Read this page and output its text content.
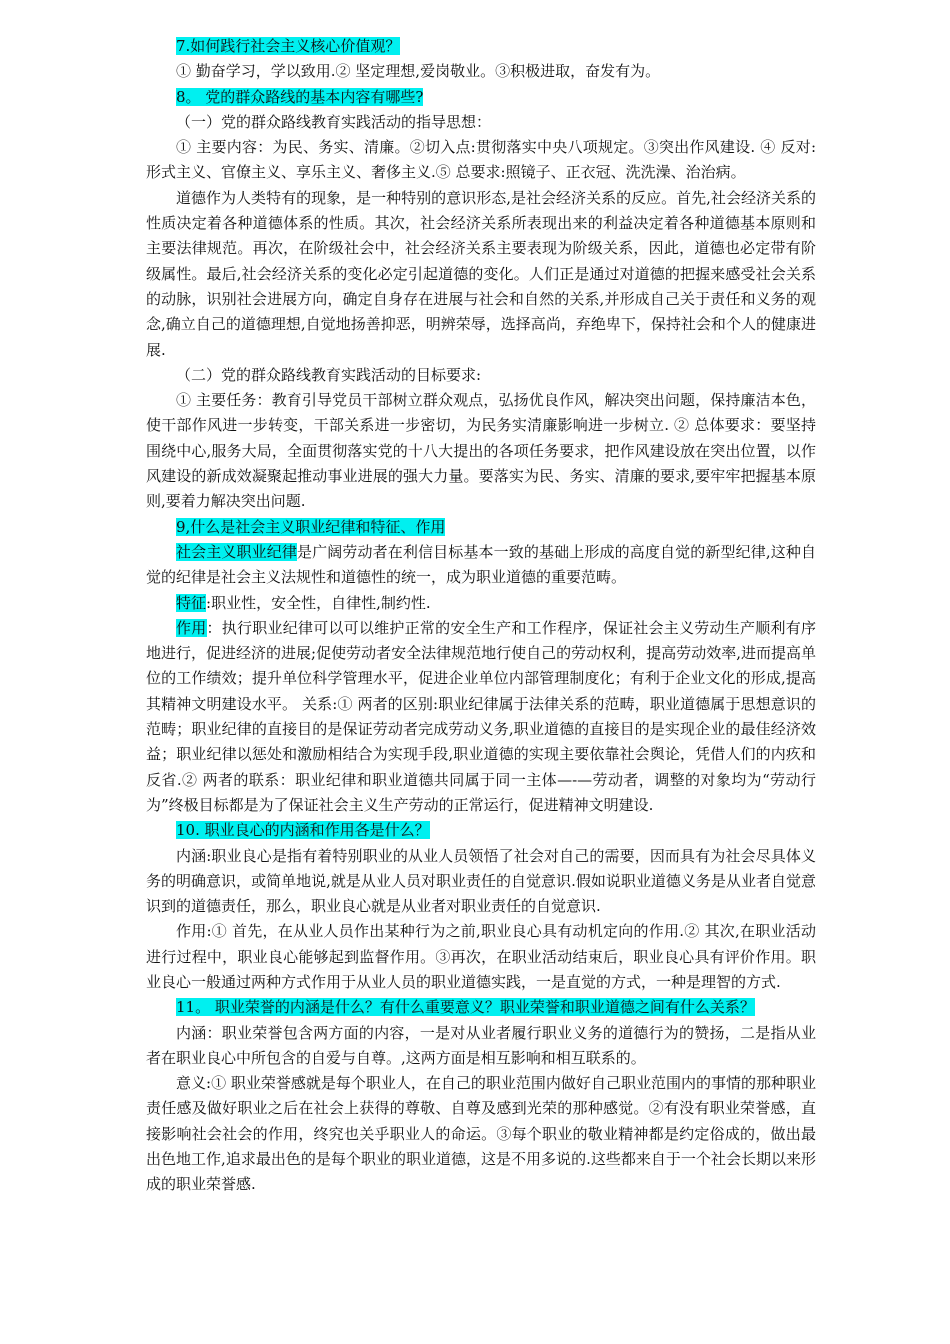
7.如何践行社会主义核心价值观？

① 勤奋学习，学以致用.② 坚定理想,爱岗敬业。③积极进取，奋发有为。

8。 党的群众路线的基本内容有哪些?

（一）党的群众路线教育实践活动的指导思想：

① 主要内容：为民、务实、清廉。②切入点:贯彻落实中央八项规定。③突出作风建设. ④ 反对:形式主义、官僚主义、享乐主义、奢侈主义.⑤ 总要求:照镜子、正衣冠、洗洗澡、治治病。

道德作为人类特有的现象，是一种特别的意识形态,是社会经济关系的反应。首先,社会经济关系的性质决定着各种道德体系的性质。其次，社会经济关系所表现出来的利益决定着各种道德基本原则和主要法律规范。再次，在阶级社会中，社会经济关系主要表现为阶级关系，因此，道德也必定带有阶级属性。最后,社会经济关系的变化必定引起道德的变化。人们正是通过对道德的把握来感受社会关系的动脉，识别社会进展方向，确定自身存在进展与社会和自然的关系,并形成自己关于责任和义务的观念,确立自己的道德理想,自觉地扬善抑恶，明辨荣辱，选择高尚，弃绝卑下，保持社会和个人的健康进展.

（二）党的群众路线教育实践活动的目标要求:

① 主要任务：教育引导党员干部树立群众观点，弘扬优良作风，解决突出问题，保持廉洁本色，使干部作风进一步转变，干部关系进一步密切，为民务实清廉影响进一步树立. ② 总体要求：要坚持围绕中心,服务大局，全面贯彻落实党的十八大提出的各项任务要求，把作风建设放在突出位置，以作风建设的新成效凝聚起推动事业进展的强大力量。要落实为民、务实、清廉的要求,要牢牢把握基本原则,要着力解决突出问题.

9,什么是社会主义职业纪律和特征、作用

社会主义职业纪律是广阔劳动者在利信目标基本一致的基础上形成的高度自觉的新型纪律,这种自觉的纪律是社会主义法规性和道德性的统一，成为职业道德的重要范畴。

特征:职业性，安全性，自律性,制约性.

作用：执行职业纪律可以可以维护正常的安全生产和工作程序，保证社会主义劳动生产顺利有序地进行，促进经济的进展;促使劳动者安全法律规范地行使自己的劳动权利，提高劳动效率,进而提高单位的工作绩效；提升单位科学管理水平，促进企业单位内部管理制度化；有利于企业文化的形成,提高其精神文明建设水平。 关系:① 两者的区别:职业纪律属于法律关系的范畴，职业道德属于思想意识的范畴；职业纪律的直接目的是保证劳动者完成劳动义务,职业道德的直接目的是实现企业的最佳经济效益；职业纪律以惩处和激励相结合为实现手段,职业道德的实现主要依靠社会舆论，凭借人们的内疚和反省.② 两者的联系：职业纪律和职业道德共同属于同一主体—-—劳动者，调整的对象均为“劳动行为”终极目标都是为了保证社会主义生产劳动的正常运行，促进精神文明建设.

10. 职业良心的内涵和作用各是什么？

内涵:职业良心是指有着特别职业的从业人员领悟了社会对自己的需要，因而具有为社会尽具体义务的明确意识，或简单地说,就是从业人员对职业责任的自觉意识.假如说职业道德义务是从业者自觉意识到的道德责任，那么，职业良心就是从业者对职业责任的自觉意识.

作用:① 首先，在从业人员作出某种行为之前,职业良心具有动机定向的作用.② 其次,在职业活动进行过程中，职业良心能够起到监督作用。③再次，在职业活动结束后，职业良心具有评价作用。职业良心一般通过两种方式作用于从业人员的职业道德实践，一是直觉的方式，一种是理智的方式.

11。 职业荣誉的内涵是什么？有什么重要意义？职业荣誉和职业道德之间有什么关系？

内涵：职业荣誉包含两方面的内容，一是对从业者履行职业义务的道德行为的赞扬，二是指从业者在职业良心中所包含的自爱与自尊。,这两方面是相互影响和相互联系的。

意义:① 职业荣誉感就是每个职业人，在自己的职业范围内做好自己职业范围内的事情的那种职业责任感及做好职业之后在社会上获得的尊敬、自尊及感到光荣的那种感觉。②有没有职业荣誉感，直接影响社会社会的作用，终究也关乎职业人的命运。③每个职业的敬业精神都是约定俗成的，做出最出色地工作,追求最出色的是每个职业的职业道德，这是不用多说的.这些都来自于一个社会长期以来形成的职业荣誉感.
